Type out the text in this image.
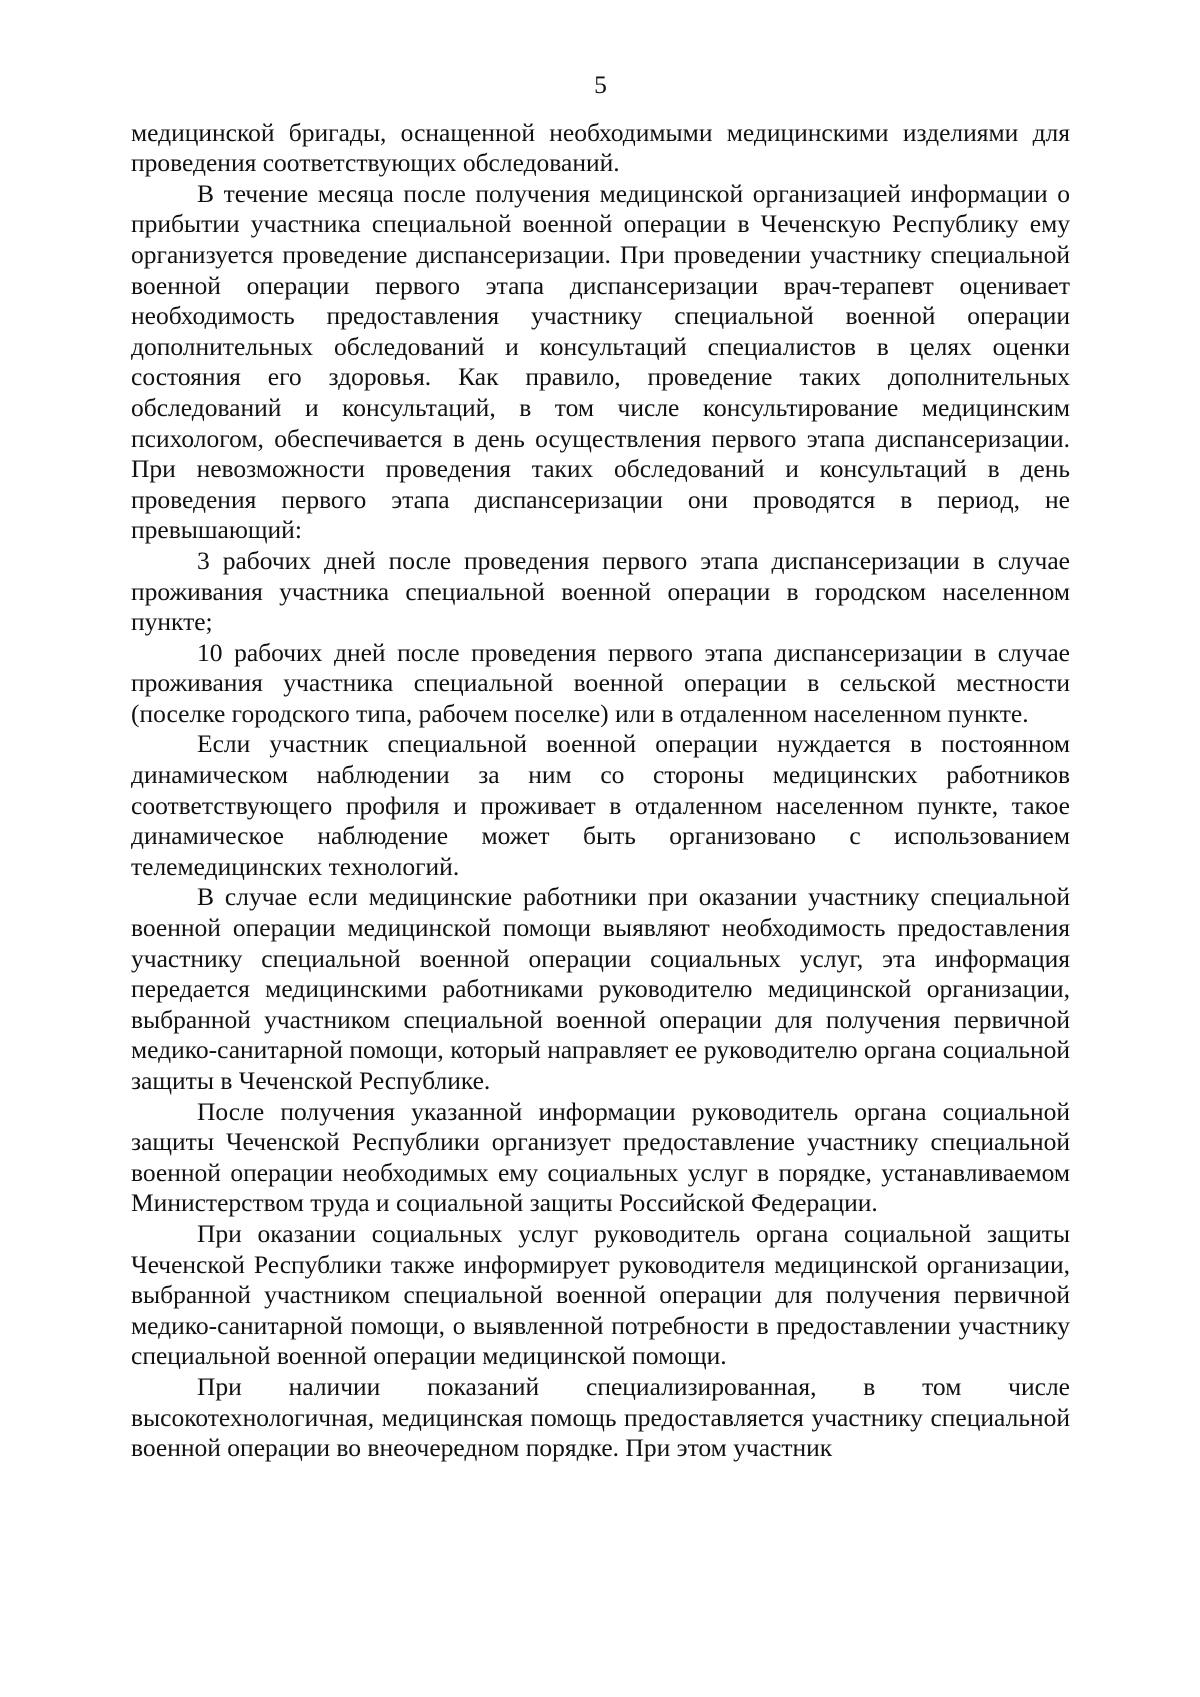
5

медицинской бригады, оснащенной необходимыми медицинскими изделиями для проведения соответствующих обследований.

В течение месяца после получения медицинской организацией информации о прибытии участника специальной военной операции в Чеченскую Республику ему организуется проведение диспансеризации. При проведении участнику специальной военной операции первого этапа диспансеризации врач-терапевт оценивает необходимость предоставления участнику специальной военной операции дополнительных обследований и консультаций специалистов в целях оценки состояния его здоровья. Как правило, проведение таких дополнительных обследований и консультаций, в том числе консультирование медицинским психологом, обеспечивается в день осуществления первого этапа диспансеризации. При невозможности проведения таких обследований и консультаций в день проведения первого этапа диспансеризации они проводятся в период, не превышающий:

3 рабочих дней после проведения первого этапа диспансеризации в случае проживания участника специальной военной операции в городском населенном пункте;

10 рабочих дней после проведения первого этапа диспансеризации в случае проживания участника специальной военной операции в сельской местности (поселке городского типа, рабочем поселке) или в отдаленном населенном пункте.

Если участник специальной военной операции нуждается в постоянном динамическом наблюдении за ним со стороны медицинских работников соответствующего профиля и проживает в отдаленном населенном пункте, такое динамическое наблюдение может быть организовано с использованием телемедицинских технологий.

В случае если медицинские работники при оказании участнику специальной военной операции медицинской помощи выявляют необходимость предоставления участнику специальной военной операции социальных услуг, эта информация передается медицинскими работниками руководителю медицинской организации, выбранной участником специальной военной операции для получения первичной медико-санитарной помощи, который направляет ее руководителю органа социальной защиты в Чеченской Республике.

После получения указанной информации руководитель органа социальной защиты Чеченской Республики организует предоставление участнику специальной военной операции необходимых ему социальных услуг в порядке, устанавливаемом Министерством труда и социальной защиты Российской Федерации.

При оказании социальных услуг руководитель органа социальной защиты Чеченской Республики также информирует руководителя медицинской организации, выбранной участником специальной военной операции для получения первичной медико-санитарной помощи, о выявленной потребности в предоставлении участнику специальной военной операции медицинской помощи.

При наличии показаний специализированная, в том числе высокотехнологичная, медицинская помощь предоставляется участнику специальной военной операции во внеочередном порядке. При этом участник
